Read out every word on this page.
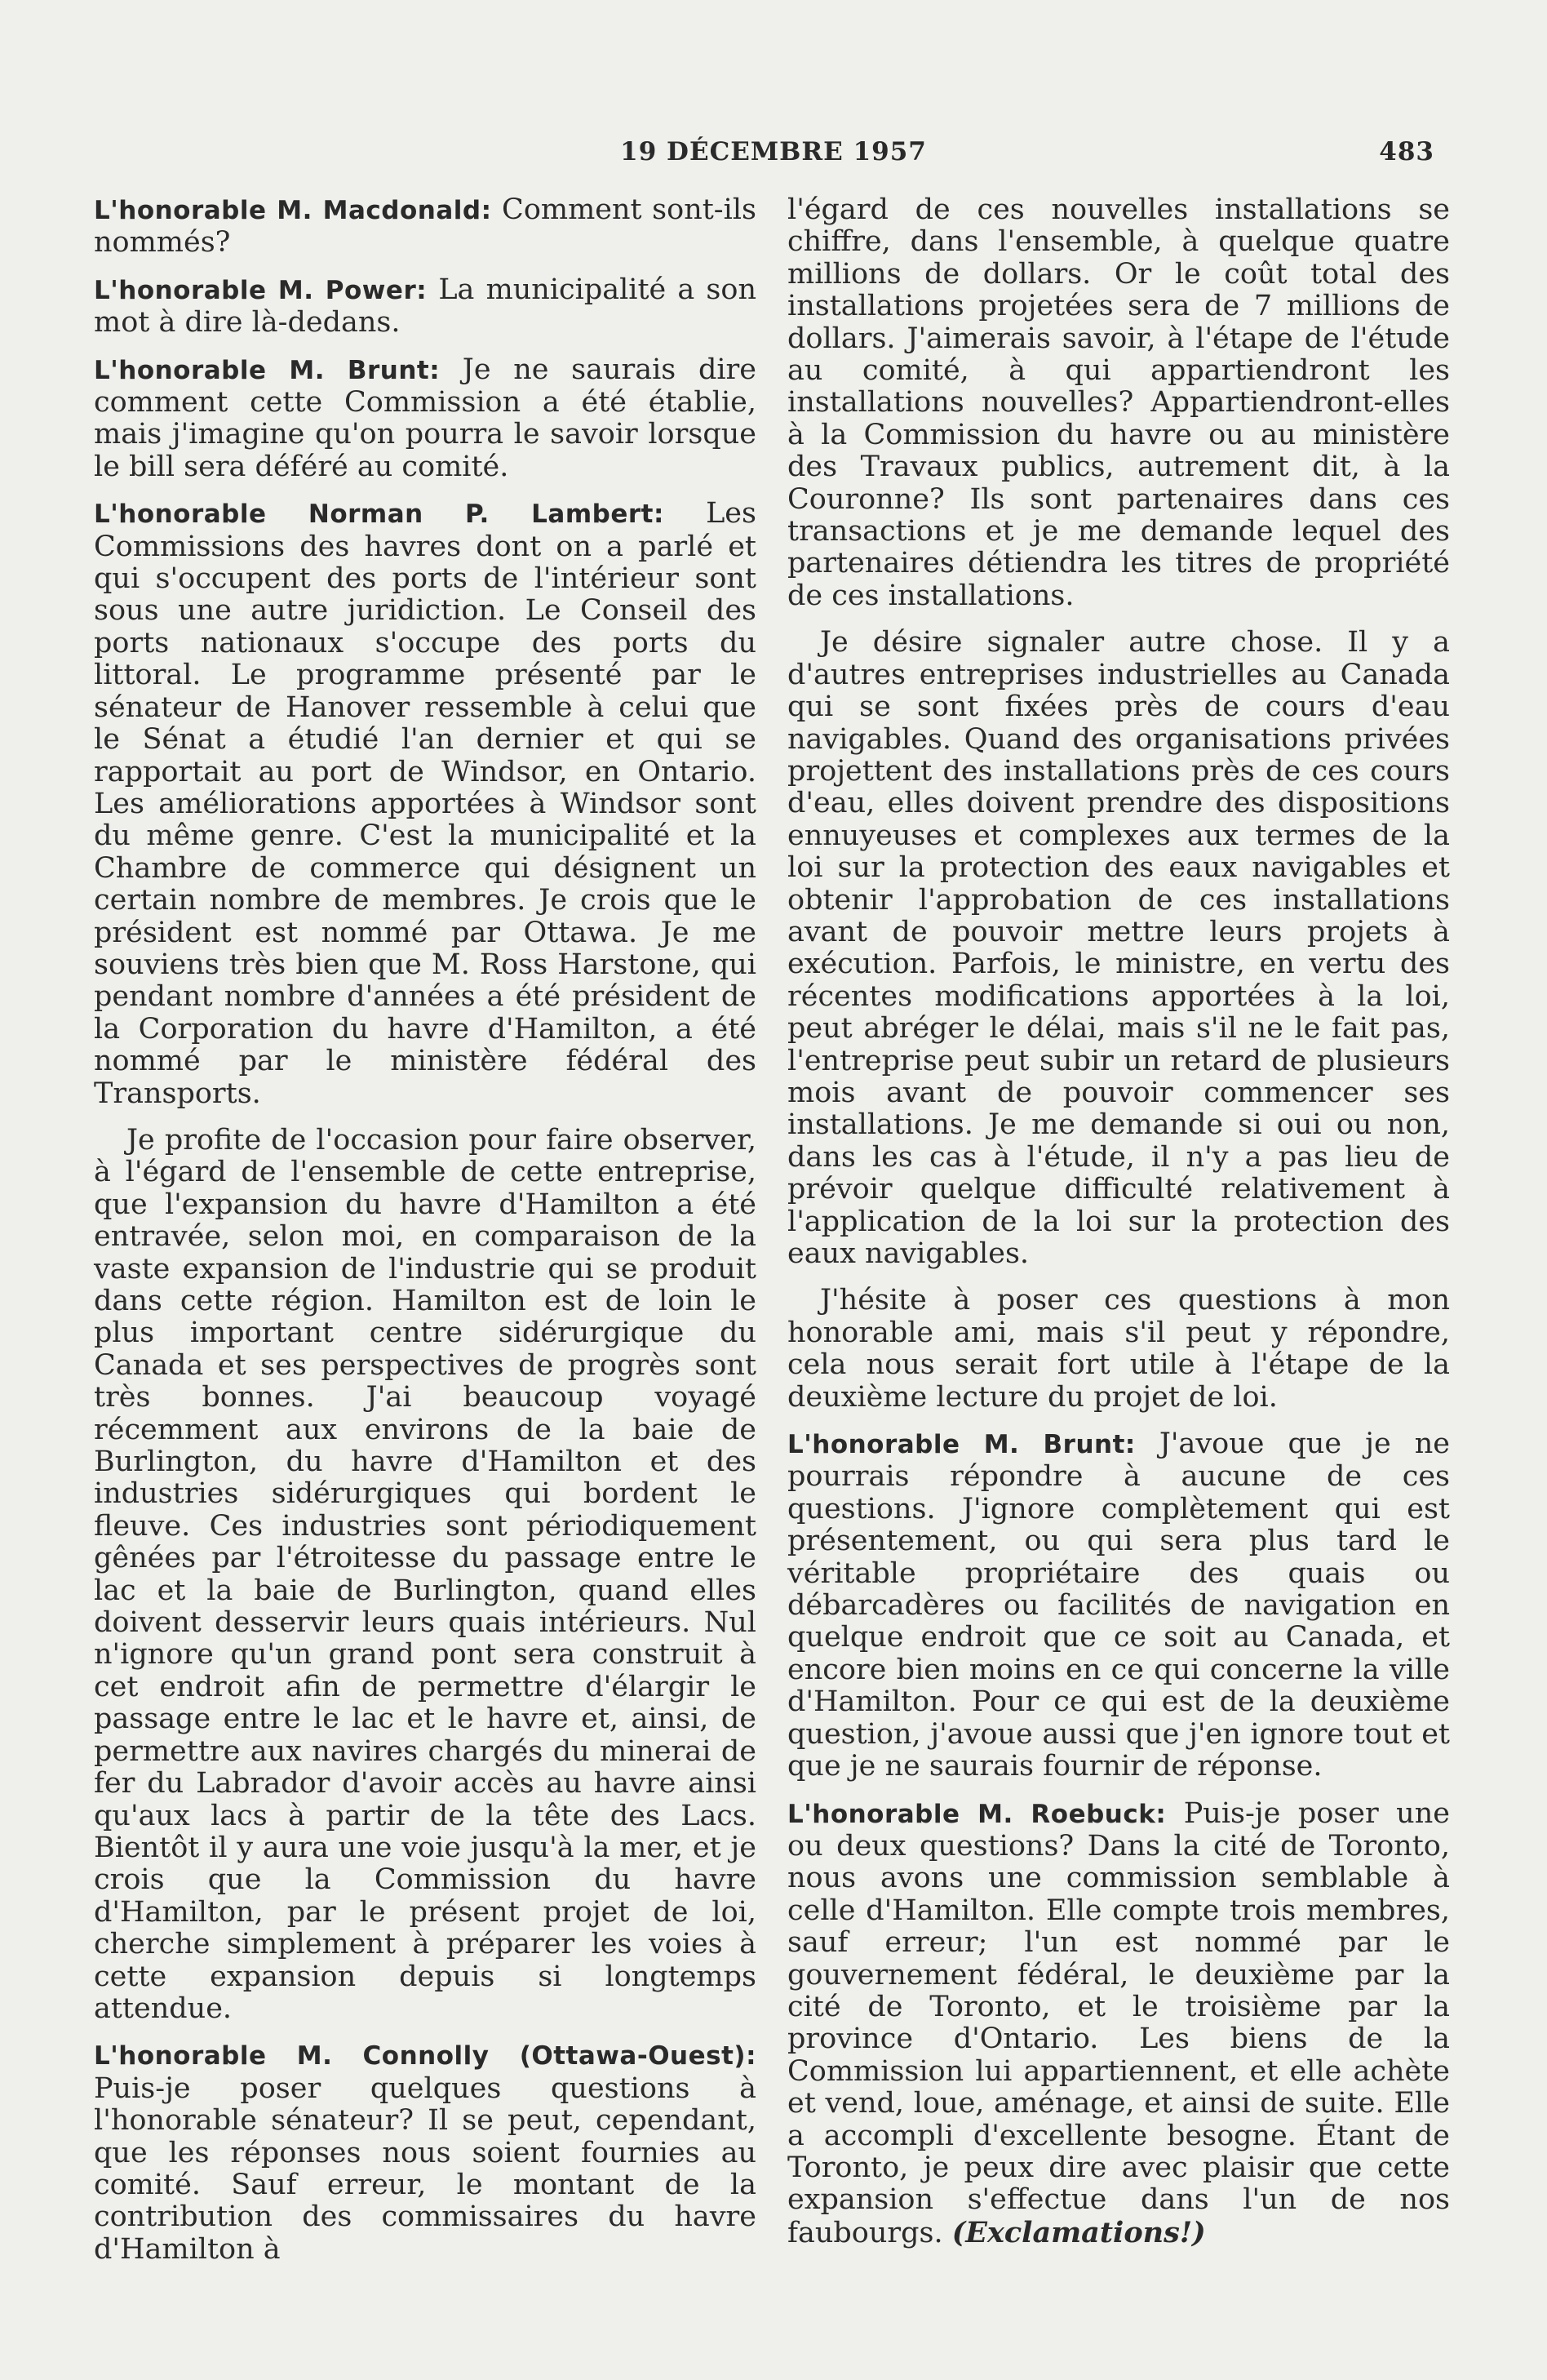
19 DÉCEMBRE 1957	483

L'honorable M. Macdonald: Comment sont-ils nommés?

L'honorable M. Power: La municipalité a son mot à dire là-dedans.

L'honorable M. Brunt: Je ne saurais dire comment cette Commission a été établie, mais j'imagine qu'on pourra le savoir lorsque le bill sera déféré au comité.

L'honorable Norman P. Lambert: Les Commissions des havres dont on a parlé et qui s'occupent des ports de l'intérieur sont sous une autre juridiction. Le Conseil des ports nationaux s'occupe des ports du littoral. Le programme présenté par le sénateur de Hanover ressemble à celui que le Sénat a étudié l'an dernier et qui se rapportait au port de Windsor, en Ontario. Les améliorations apportées à Windsor sont du même genre. C'est la municipalité et la Chambre de commerce qui désignent un certain nombre de membres. Je crois que le président est nommé par Ottawa. Je me souviens très bien que M. Ross Harstone, qui pendant nombre d'années a été président de la Corporation du havre d'Hamilton, a été nommé par le ministère fédéral des Transports.

Je profite de l'occasion pour faire observer, à l'égard de l'ensemble de cette entreprise, que l'expansion du havre d'Hamilton a été entravée, selon moi, en comparaison de la vaste expansion de l'industrie qui se produit dans cette région. Hamilton est de loin le plus important centre sidérurgique du Canada et ses perspectives de progrès sont très bonnes. J'ai beaucoup voyagé récemment aux environs de la baie de Burlington, du havre d'Hamilton et des industries sidérurgiques qui bordent le fleuve. Ces industries sont périodiquement gênées par l'étroitesse du passage entre le lac et la baie de Burlington, quand elles doivent desservir leurs quais intérieurs. Nul n'ignore qu'un grand pont sera construit à cet endroit afin de permettre d'élargir le passage entre le lac et le havre et, ainsi, de permettre aux navires chargés du minerai de fer du Labrador d'avoir accès au havre ainsi qu'aux lacs à partir de la tête des Lacs. Bientôt il y aura une voie jusqu'à la mer, et je crois que la Commission du havre d'Hamilton, par le présent projet de loi, cherche simplement à préparer les voies à cette expansion depuis si longtemps attendue.

L'honorable M. Connolly (Ottawa-Ouest): Puis-je poser quelques questions à l'honorable sénateur? Il se peut, cependant, que les réponses nous soient fournies au comité. Sauf erreur, le montant de la contribution des commissaires du havre d'Hamilton à

l'égard de ces nouvelles installations se chiffre, dans l'ensemble, à quelque quatre millions de dollars. Or le coût total des installations projetées sera de 7 millions de dollars. J'aimerais savoir, à l'étape de l'étude au comité, à qui appartiendront les installations nouvelles? Appartiendront-elles à la Commission du havre ou au ministère des Travaux publics, autrement dit, à la Couronne? Ils sont partenaires dans ces transactions et je me demande lequel des partenaires détiendra les titres de propriété de ces installations.

Je désire signaler autre chose. Il y a d'autres entreprises industrielles au Canada qui se sont fixées près de cours d'eau navigables. Quand des organisations privées projettent des installations près de ces cours d'eau, elles doivent prendre des dispositions ennuyeuses et complexes aux termes de la loi sur la protection des eaux navigables et obtenir l'approbation de ces installations avant de pouvoir mettre leurs projets à exécution. Parfois, le ministre, en vertu des récentes modifications apportées à la loi, peut abréger le délai, mais s'il ne le fait pas, l'entreprise peut subir un retard de plusieurs mois avant de pouvoir commencer ses installations. Je me demande si oui ou non, dans les cas à l'étude, il n'y a pas lieu de prévoir quelque difficulté relativement à l'application de la loi sur la protection des eaux navigables.

J'hésite à poser ces questions à mon honorable ami, mais s'il peut y répondre, cela nous serait fort utile à l'étape de la deuxième lecture du projet de loi.

L'honorable M. Brunt: J'avoue que je ne pourrais répondre à aucune de ces questions. J'ignore complètement qui est présentement, ou qui sera plus tard le véritable propriétaire des quais ou débarcadères ou facilités de navigation en quelque endroit que ce soit au Canada, et encore bien moins en ce qui concerne la ville d'Hamilton. Pour ce qui est de la deuxième question, j'avoue aussi que j'en ignore tout et que je ne saurais fournir de réponse.

L'honorable M. Roebuck: Puis-je poser une ou deux questions? Dans la cité de Toronto, nous avons une commission semblable à celle d'Hamilton. Elle compte trois membres, sauf erreur; l'un est nommé par le gouvernement fédéral, le deuxième par la cité de Toronto, et le troisième par la province d'Ontario. Les biens de la Commission lui appartiennent, et elle achète et vend, loue, aménage, et ainsi de suite. Elle a accompli d'excellente besogne. Étant de Toronto, je peux dire avec plaisir que cette expansion s'effectue dans l'un de nos faubourgs. (Exclamations!)
